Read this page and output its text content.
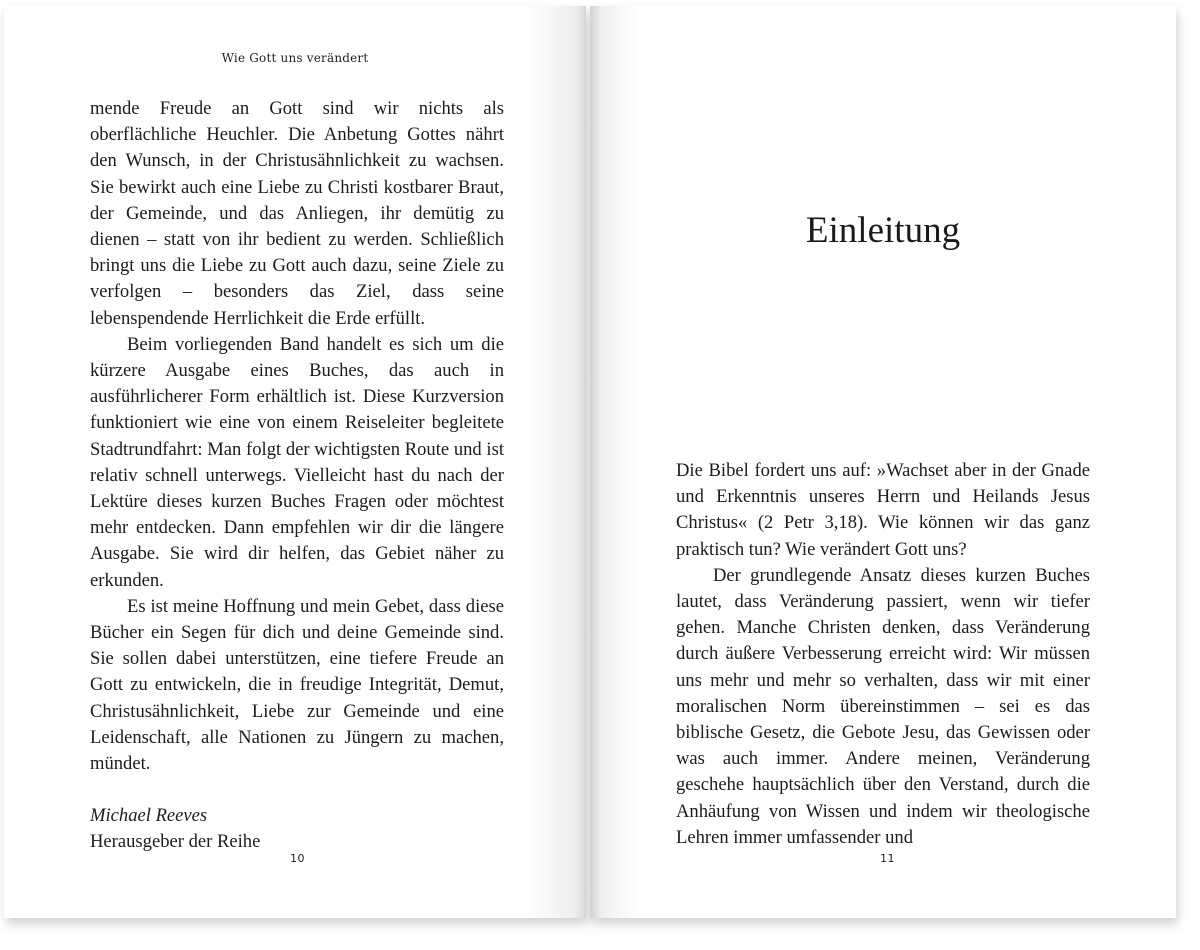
Wie Gott uns verändert

mende Freude an Gott sind wir nichts als oberflächliche Heuchler. Die Anbetung Gottes nährt den Wunsch, in der Christusähnlichkeit zu wachsen. Sie bewirkt auch eine Liebe zu Christi kostbarer Braut, der Gemeinde, und das Anliegen, ihr demütig zu dienen – statt von ihr bedient zu werden. Schließlich bringt uns die Liebe zu Gott auch dazu, seine Ziele zu verfolgen – besonders das Ziel, dass seine lebenspendende Herrlichkeit die Erde erfüllt.

Beim vorliegenden Band handelt es sich um die kürzere Ausgabe eines Buches, das auch in ausführlicherer Form erhältlich ist. Diese Kurzversion funktioniert wie eine von einem Reiseleiter begleitete Stadtrundfahrt: Man folgt der wichtigsten Route und ist relativ schnell unterwegs. Vielleicht hast du nach der Lektüre dieses kurzen Buches Fragen oder möchtest mehr entdecken. Dann empfehlen wir dir die längere Ausgabe. Sie wird dir helfen, das Gebiet näher zu erkunden.

Es ist meine Hoffnung und mein Gebet, dass diese Bücher ein Segen für dich und deine Gemeinde sind. Sie sollen dabei unterstützen, eine tiefere Freude an Gott zu entwickeln, die in freudige Integrität, Demut, Christusähnlichkeit, Liebe zur Gemeinde und eine Leidenschaft, alle Nationen zu Jüngern zu machen, mündet.

Michael Reeves
Herausgeber der Reihe

10
Einleitung

Die Bibel fordert uns auf: »Wachset aber in der Gnade und Erkenntnis unseres Herrn und Heilands Jesus Christus« (2 Petr 3,18). Wie können wir das ganz praktisch tun? Wie verändert Gott uns?

Der grundlegende Ansatz dieses kurzen Buches lautet, dass Veränderung passiert, wenn wir tiefer gehen. Manche Christen denken, dass Veränderung durch äußere Verbesserung erreicht wird: Wir müssen uns mehr und mehr so verhalten, dass wir mit einer moralischen Norm übereinstimmen – sei es das biblische Gesetz, die Gebote Jesu, das Gewissen oder was auch immer. Andere meinen, Veränderung geschehe hauptsächlich über den Verstand, durch die Anhäufung von Wissen und indem wir theologische Lehren immer umfassender und

11
